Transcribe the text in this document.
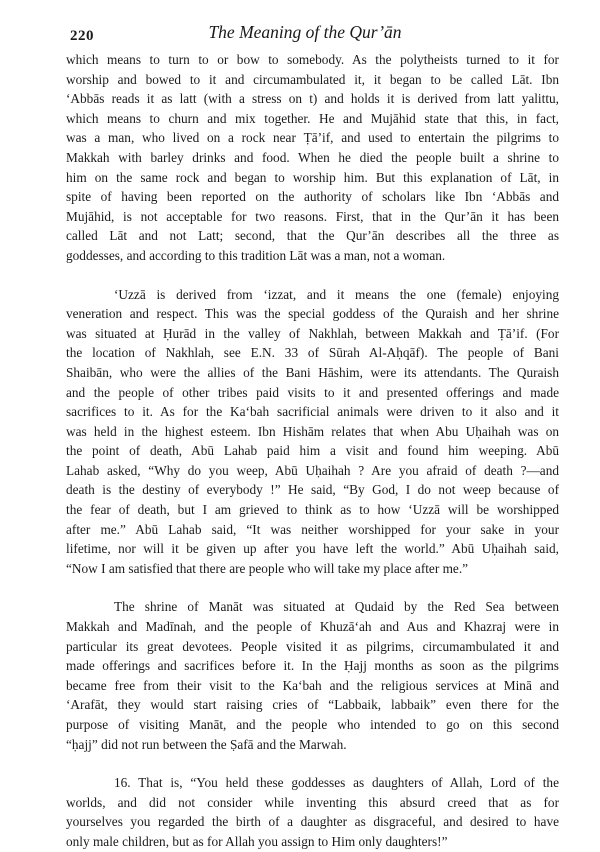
220	The Meaning of the Qur’ān
which means to turn to or bow to somebody. As the polytheists turned to it for
worship and bowed to it and circumambulated it, it began to be called Lāt. Ibn
‘Abbās reads it as latt (with a stress on t) and holds it is derived from latt yalittu,
which means to churn and mix together. He and Mujāhid state that this, in fact,
was a man, who lived on a rock near Ṭā’if, and used to entertain the pilgrims to
Makkah with barley drinks and food. When he died the people built a shrine to
him on the same rock and began to worship him. But this explanation of Lāt, in
spite of having been reported on the authority of scholars like Ibn ‘Abbās and
Mujāhid, is not acceptable for two reasons. First, that in the Qur’ān it has been
called Lāt and not Latt; second, that the Qur’ān describes all the three as
goddesses, and according to this tradition Lāt was a man, not a woman.
‘Uzzā is derived from ‘izzat, and it means the one (female) enjoying
veneration and respect. This was the special goddess of the Quraish and her shrine
was situated at Ḥurād in the valley of Nakhlah, between Makkah and Ṭā’if. (For
the location of Nakhlah, see E.N. 33 of Sūrah Al-Aḥqāf). The people of Bani
Shaibān, who were the allies of the Bani Hāshim, were its attendants. The Quraish
and the people of other tribes paid visits to it and presented offerings and made
sacrifices to it. As for the Ka‘bah sacrificial animals were driven to it also and it
was held in the highest esteem. Ibn Hishām relates that when Abu Uḥaihah was on
the point of death, Abū Lahab paid him a visit and found him weeping. Abū
Lahab asked, “Why do you weep, Abū Uḥaihah ? Are you afraid of death ?—and
death is the destiny of everybody !” He said, “By God, I do not weep because of
the fear of death, but I am grieved to think as to how ‘Uzzā will be worshipped
after me.” Abū Lahab said, “It was neither worshipped for your sake in your
lifetime, nor will it be given up after you have left the world.” Abū Uḥaihah said,
“Now I am satisfied that there are people who will take my place after me.”
The shrine of Manāt was situated at Qudaid by the Red Sea between
Makkah and Madīnah, and the people of Khuzā‘ah and Aus and Khazraj were in
particular its great devotees. People visited it as pilgrims, circumambulated it and
made offerings and sacrifices before it. In the Ḥajj months as soon as the pilgrims
became free from their visit to the Ka‘bah and the religious services at Minā and
‘Arafāt, they would start raising cries of “Labbaik, labbaik” even there for the
purpose of visiting Manāt, and the people who intended to go on this second
“ḥajj” did not run between the Ṣafā and the Marwah.
16. That is, “You held these goddesses as daughters of Allah, Lord of the
worlds, and did not consider while inventing this absurd creed that as for
yourselves you regarded the birth of a daughter as disgraceful, and desired to have
only male children, but as for Allah you assign to Him only daughters!”
